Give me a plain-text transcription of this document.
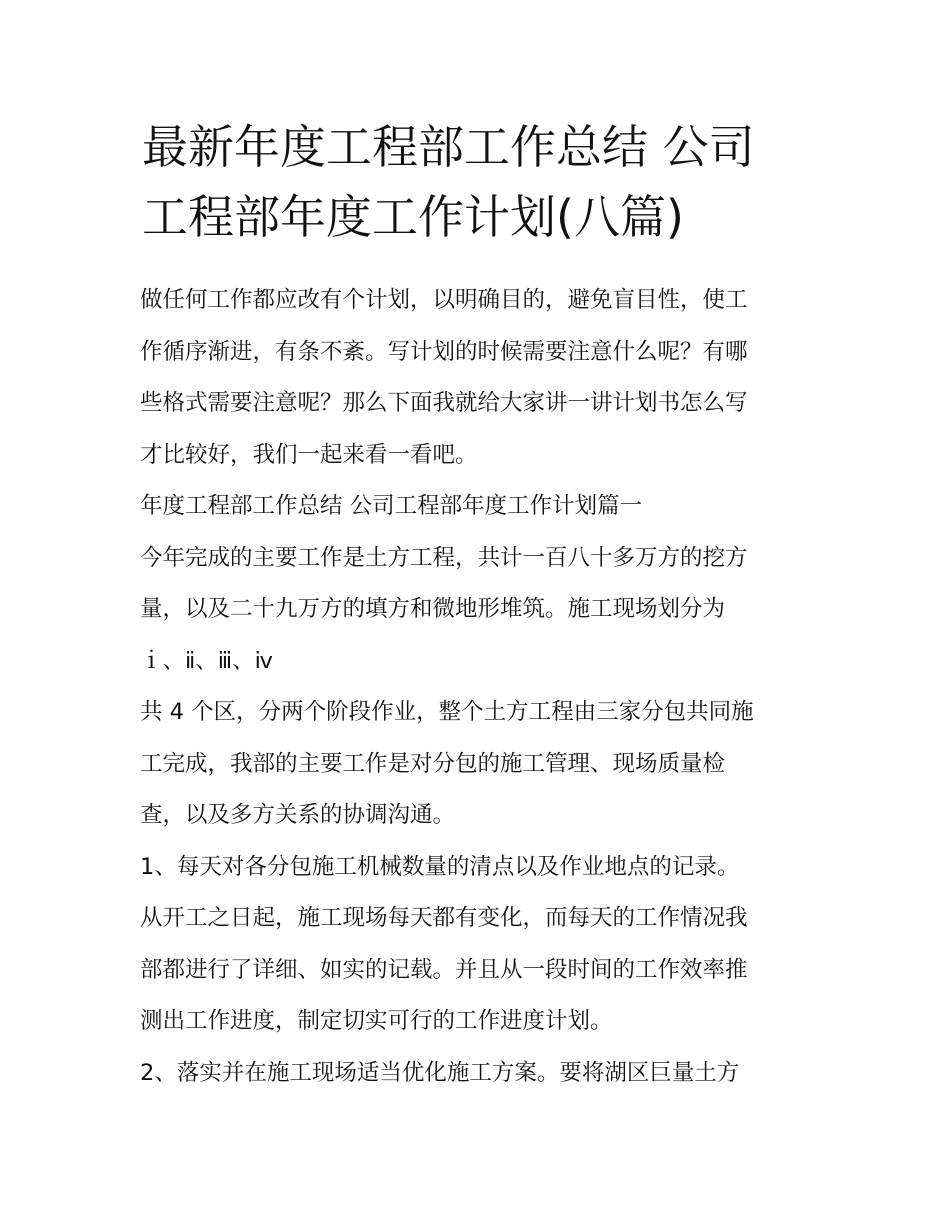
最新年度工程部工作总结 公司
工程部年度工作计划(八篇)
做任何工作都应改有个计划，以明确目的，避免盲目性，使工
作循序渐进，有条不紊。写计划的时候需要注意什么呢？有哪
些格式需要注意呢？那么下面我就给大家讲一讲计划书怎么写
才比较好，我们一起来看一看吧。
年度工程部工作总结 公司工程部年度工作计划篇一
今年完成的主要工作是土方工程，共计一百八十多万方的挖方
量，以及二十九万方的填方和微地形堆筑。施工现场划分为
ｉ、ⅱ、ⅲ、ⅳ
共 4 个区，分两个阶段作业，整个土方工程由三家分包共同施
工完成，我部的主要工作是对分包的施工管理、现场质量检
查，以及多方关系的协调沟通。
1、每天对各分包施工机械数量的清点以及作业地点的记录。
从开工之日起，施工现场每天都有变化，而每天的工作情况我
部都进行了详细、如实的记载。并且从一段时间的工作效率推
测出工作进度，制定切实可行的工作进度计划。
2、落实并在施工现场适当优化施工方案。要将湖区巨量土方
